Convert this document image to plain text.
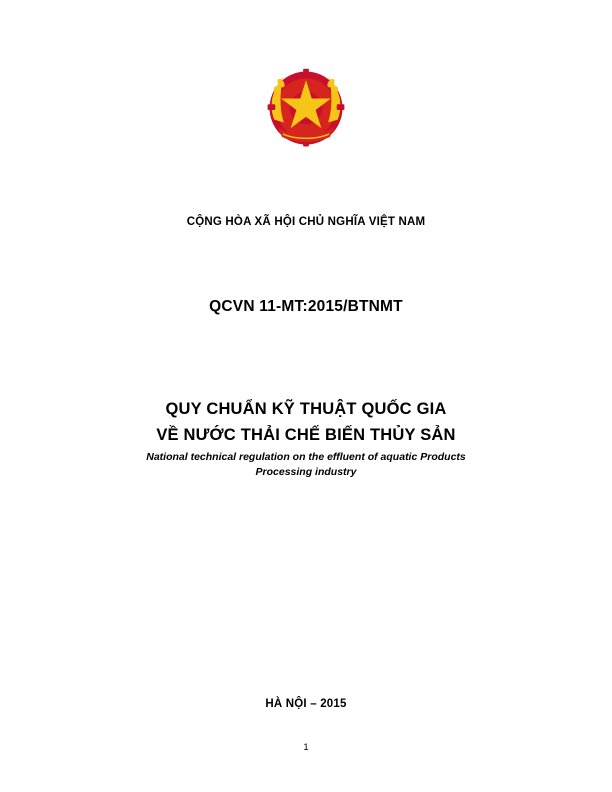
CỘNG HÒA XÃ HỘI CHỦ NGHĨA VIỆT NAM
QCVN 11-MT:2015/BTNMT
QUY CHUẨN KỸ THUẬT QUỐC GIA
VỀ NƯỚC THẢI CHẾ BIẾN THỦY SẢN
National technical regulation on the effluent of aquatic Products
Processing industry
HÀ NỘI – 2015
1
